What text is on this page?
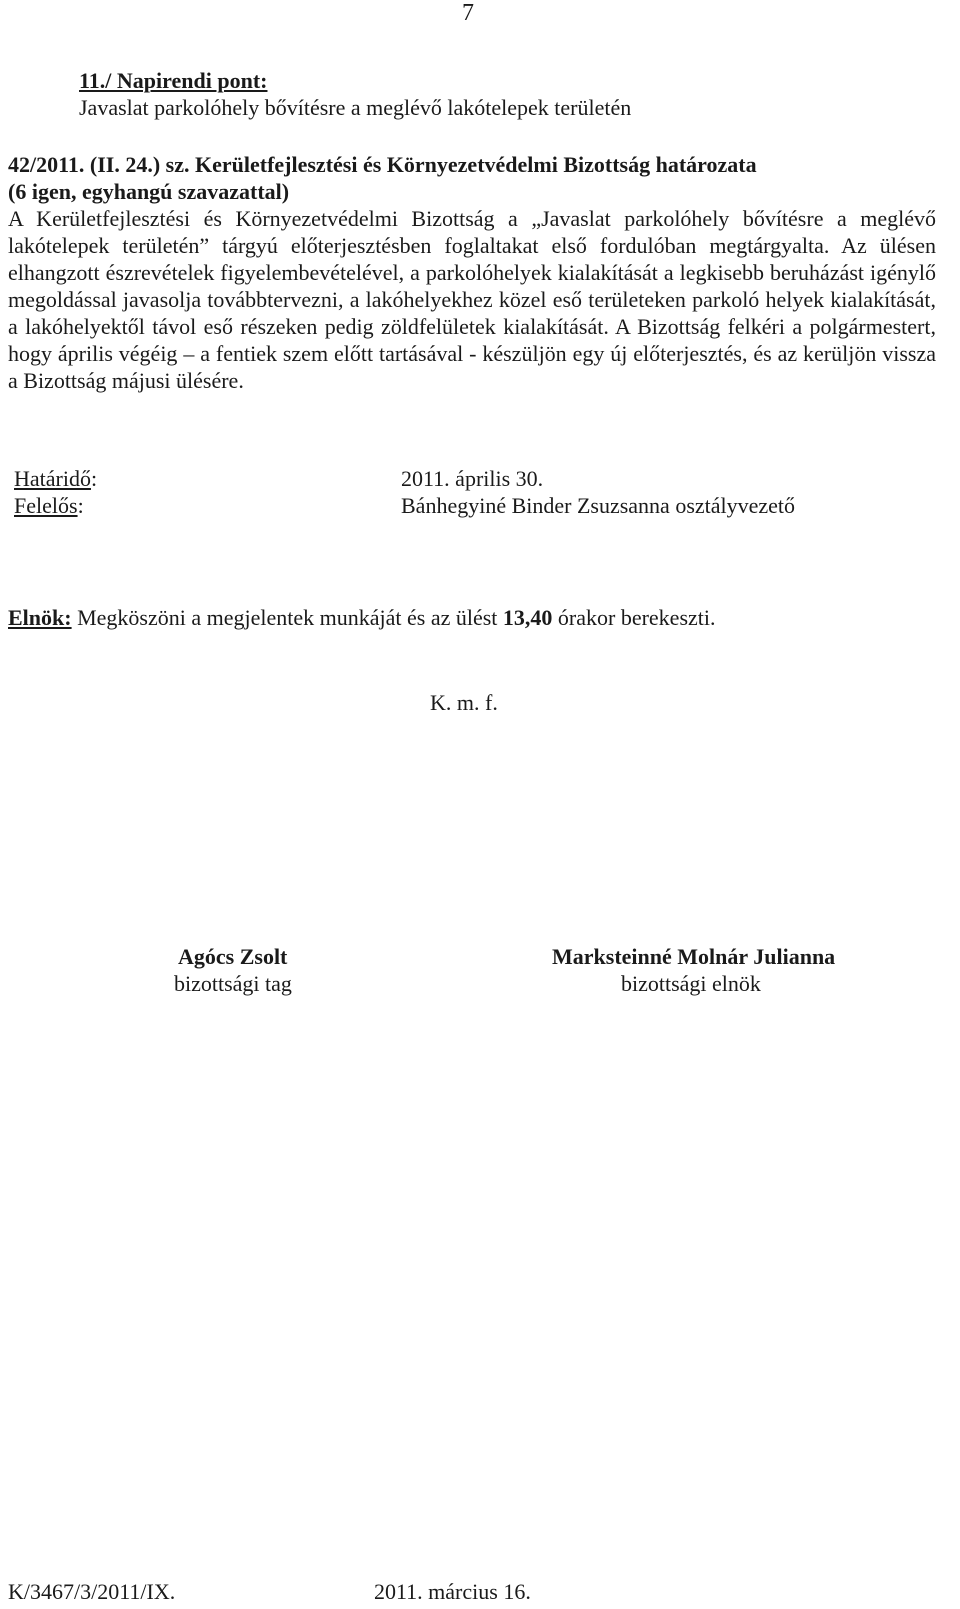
7
11./ Napirendi pont:
Javaslat parkolóhely bővítésre a meglévő lakótelepek területén
42/2011. (II. 24.) sz. Kerületfejlesztési és Környezetvédelmi Bizottság határozata
(6 igen, egyhangú szavazattal)
A Kerületfejlesztési és Környezetvédelmi Bizottság a „Javaslat parkolóhely bővítésre a meglévő lakótelepek területén” tárgyú előterjesztésben foglaltakat első fordulóban megtárgyalta. Az ülésen elhangzott észrevételek figyelembevételével, a parkolóhelyek kialakítását a legkisebb beruházást igénylő megoldással javasolja továbbtervezni, a lakóhelyekhez közel eső területeken parkoló helyek kialakítását, a lakóhelyektől távol eső részeken pedig zöldfelületek kialakítását. A Bizottság felkéri a polgármestert, hogy április végéig – a fentiek szem előtt tartásával - készüljön egy új előterjesztés, és az kerüljön vissza a Bizottság májusi ülésére.
Határidő:	2011. április 30.
Felelős:	Bánhegyiné Binder Zsuzsanna osztályvezető
Elnök: Megköszöni a megjelentek munkáját és az ülést 13,40 órakor berekeszti.
K. m. f.
Agócs Zsolt
bizottsági tag
Marksteinné Molnár Julianna
bizottsági elnök
K/3467/3/2011/IX.	2011. március 16.
